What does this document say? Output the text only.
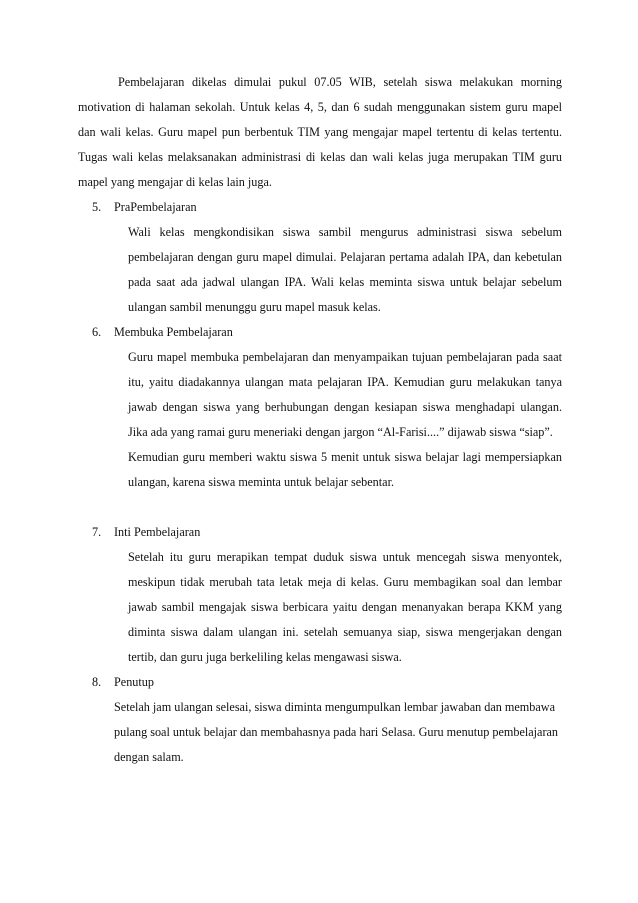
Pembelajaran dikelas dimulai pukul 07.05 WIB, setelah siswa melakukan morning motivation di halaman sekolah. Untuk kelas 4, 5, dan 6 sudah menggunakan sistem guru mapel dan wali kelas. Guru mapel pun berbentuk TIM yang mengajar mapel tertentu di kelas tertentu. Tugas wali kelas melaksanakan administrasi di kelas dan wali kelas juga merupakan TIM guru mapel yang mengajar di kelas lain juga.

5.	PraPembelajaran

Wali kelas mengkondisikan siswa sambil mengurus administrasi siswa sebelum pembelajaran dengan guru mapel dimulai. Pelajaran pertama adalah IPA, dan kebetulan pada saat ada jadwal ulangan IPA. Wali kelas meminta siswa untuk belajar sebelum ulangan sambil menunggu guru mapel masuk kelas.

6.	Membuka Pembelajaran

Guru mapel membuka pembelajaran dan menyampaikan tujuan pembelajaran pada saat itu, yaitu diadakannya ulangan mata pelajaran IPA. Kemudian guru melakukan tanya jawab dengan siswa yang berhubungan dengan kesiapan siswa menghadapi ulangan. Jika ada yang ramai guru meneriaki dengan jargon “Al-Farisi....” dijawab siswa “siap”.

Kemudian guru memberi waktu siswa 5 menit untuk siswa belajar lagi mempersiapkan ulangan, karena siswa meminta untuk belajar sebentar.

7.	Inti Pembelajaran

Setelah itu guru merapikan tempat duduk siswa untuk mencegah siswa menyontek, meskipun tidak merubah tata letak meja di kelas. Guru membagikan soal dan lembar jawab sambil mengajak siswa berbicara yaitu dengan menanyakan berapa KKM yang diminta siswa dalam ulangan ini. setelah semuanya siap, siswa mengerjakan dengan tertib, dan guru juga berkeliling kelas mengawasi siswa.

8.	Penutup

Setelah jam ulangan selesai, siswa diminta mengumpulkan lembar jawaban dan membawa pulang soal untuk belajar dan membahasnya pada hari Selasa. Guru menutup pembelajaran dengan salam.
